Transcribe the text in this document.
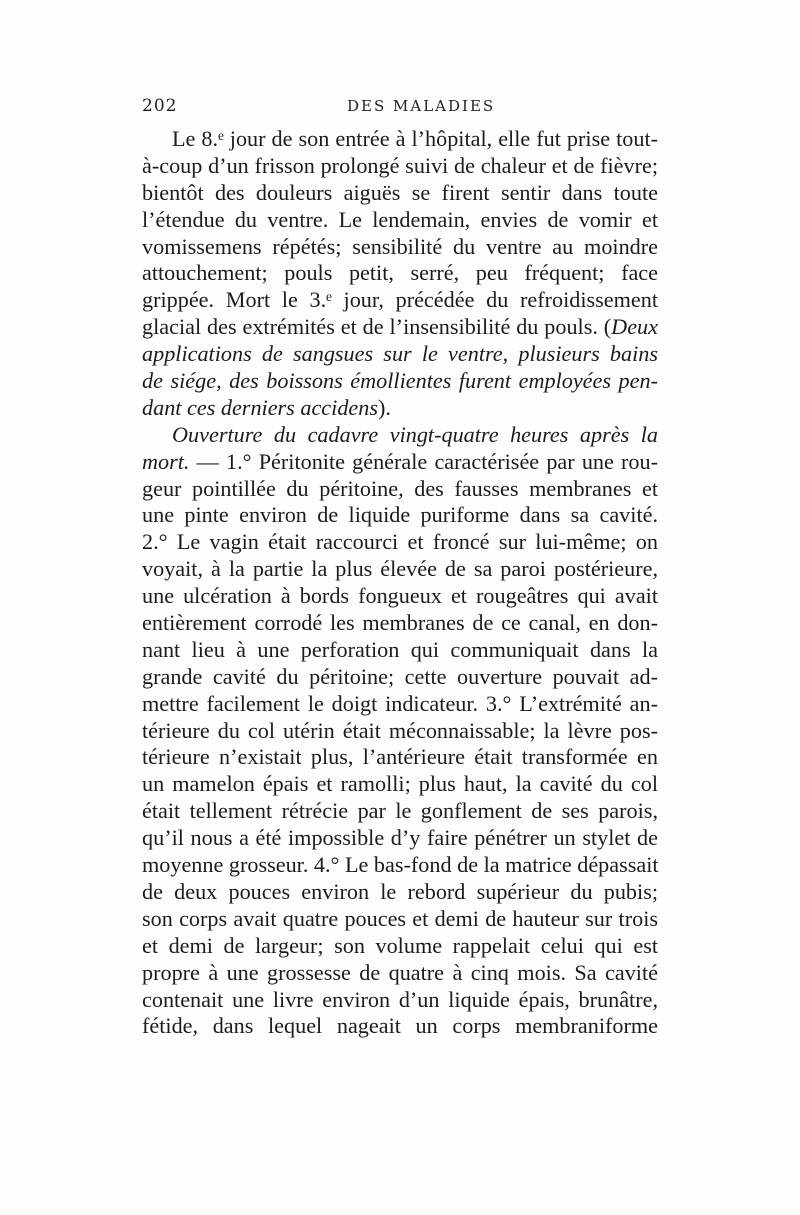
202	DES MALADIES
Le 8.ᵉ jour de son entrée à l’hôpital, elle fut prise tout-
à-coup d’un frisson prolongé suivi de chaleur et de fièvre;
bientôt des douleurs aiguës se firent sentir dans toute
l’étendue du ventre. Le lendemain, envies de vomir et
vomissemens répétés; sensibilité du ventre au moindre
attouchement; pouls petit, serré, peu fréquent; face
grippée. Mort le 3.ᵉ jour, précédée du refroidissement
glacial des extrémités et de l’insensibilité du pouls. (Deux
applications de sangsues sur le ventre, plusieurs bains
de siége, des boissons émollientes furent employées pen-
dant ces derniers accidens).
Ouverture du cadavre vingt-quatre heures après la
mort. — 1.° Péritonite générale caractérisée par une rou-
geur pointillée du péritoine, des fausses membranes et
une pinte environ de liquide puriforme dans sa cavité.
2.° Le vagin était raccourci et froncé sur lui-même; on
voyait, à la partie la plus élevée de sa paroi postérieure,
une ulcération à bords fongueux et rougeâtres qui avait
entièrement corrodé les membranes de ce canal, en don-
nant lieu à une perforation qui communiquait dans la
grande cavité du péritoine; cette ouverture pouvait ad-
mettre facilement le doigt indicateur. 3.° L’extrémité an-
térieure du col utérin était méconnaissable; la lèvre pos-
térieure n’existait plus, l’antérieure était transformée en
un mamelon épais et ramolli; plus haut, la cavité du col
était tellement rétrécie par le gonflement de ses parois,
qu’il nous a été impossible d’y faire pénétrer un stylet de
moyenne grosseur. 4.° Le bas-fond de la matrice dépassait
de deux pouces environ le rebord supérieur du pubis;
son corps avait quatre pouces et demi de hauteur sur trois
et demi de largeur; son volume rappelait celui qui est
propre à une grossesse de quatre à cinq mois. Sa cavité
contenait une livre environ d’un liquide épais, brunâtre,
fétide, dans lequel nageait un corps membraniforme
